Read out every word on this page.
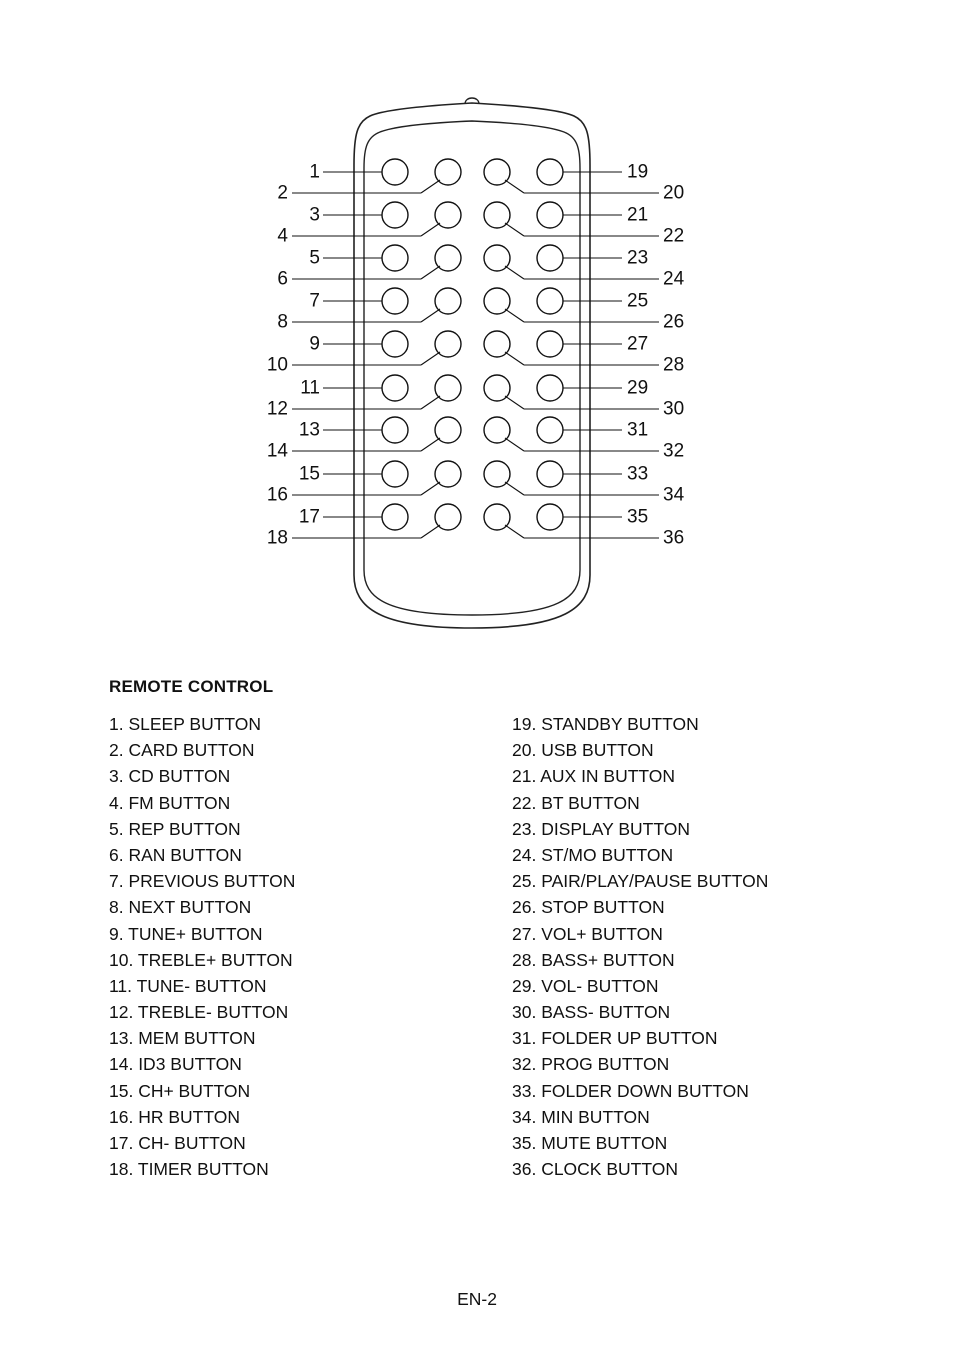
1
2
19
20
3
4
21
22
5
6
23
24
7
8
25
26
9
10
27
28
11
12
29
30
13
14
31
32
15
16
33
34
17
18
35
36
REMOTE CONTROL
1. SLEEP BUTTON
2. CARD BUTTON
3. CD BUTTON
4. FM BUTTON
5. REP BUTTON
6. RAN BUTTON
7. PREVIOUS BUTTON
8. NEXT BUTTON
9. TUNE+ BUTTON
10. TREBLE+ BUTTON
11. TUNE- BUTTON
12. TREBLE- BUTTON
13. MEM BUTTON
14. ID3 BUTTON
15. CH+ BUTTON
16. HR BUTTON
17. CH- BUTTON
18. TIMER BUTTON
19. STANDBY BUTTON
20. USB BUTTON
21. AUX IN BUTTON
22. BT BUTTON
23. DISPLAY BUTTON
24. ST/MO BUTTON
25. PAIR/PLAY/PAUSE BUTTON
26. STOP BUTTON
27. VOL+ BUTTON
28. BASS+ BUTTON
29. VOL- BUTTON
30. BASS- BUTTON
31. FOLDER UP BUTTON
32. PROG BUTTON
33. FOLDER DOWN BUTTON
34. MIN BUTTON
35. MUTE BUTTON
36. CLOCK BUTTON
EN-2
